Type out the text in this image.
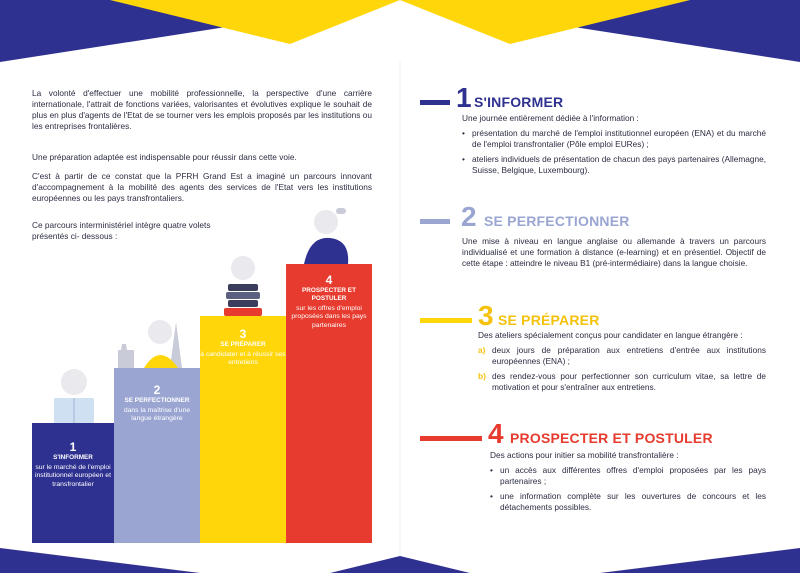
La volonté d'effectuer une mobilité professionnelle, la perspective d'une carrière internationale, l'attrait de fonctions variées, valorisantes et évolutives explique le souhait de plus en plus d'agents de l'Etat de se tourner vers les emplois proposés par les institutions ou les entreprises frontalières.

Une préparation adaptée est indispensable pour réussir dans cette voie.

C'est à partir de ce constat que la PFRH Grand Est a imaginé un parcours innovant d'accompagnement à la mobilité des agents des services de l'Etat vers les institutions européennes ou les pays transfrontaliers.

Ce parcours interministériel intègre quatre volets présentés ci- dessous :

1
S'INFORMER
sur le marché de l'emploi institutionnel européen et transfrontalier
2
SE PERFECTIONNER
dans la maîtrise d'une langue étrangère
3
SE PRÉPARER
à candidater et à réussir ses entretiens
4
PROSPECTER ET POSTULER
sur les offres d'emploi proposées dans les pays partenaires
1 S'INFORMER

Une journée entièrement dédiée à l'information :

• présentation du marché de l'emploi institutionnel européen (ENA) et du marché de l'emploi transfrontalier (Pôle emploi EURes) ;
• ateliers individuels de présentation de chacun des pays partenaires (Allemagne, Suisse, Belgique, Luxembourg).
2 SE PERFECTIONNER

Une mise à niveau en langue anglaise ou allemande à travers un parcours individualisé et une formation à distance (e-learning) et en présentiel. Objectif de cette étape : atteindre le niveau B1 (pré-intermédiaire) dans la langue choisie.

3 SE PRÉPARER

Des ateliers spécialement conçus pour candidater en langue étrangère :

a) deux jours de préparation aux entretiens d'entrée aux institutions européennes (ENA) ;
b) des rendez-vous pour perfectionner son curriculum vitae, sa lettre de motivation et pour s'entraîner aux entretiens.
4 PROSPECTER ET POSTULER

Des actions pour initier sa mobilité transfrontalière :

• un accès aux différentes offres d'emploi proposées par les pays partenaires ;
• une information complète sur les ouvertures de concours et les détachements possibles.
